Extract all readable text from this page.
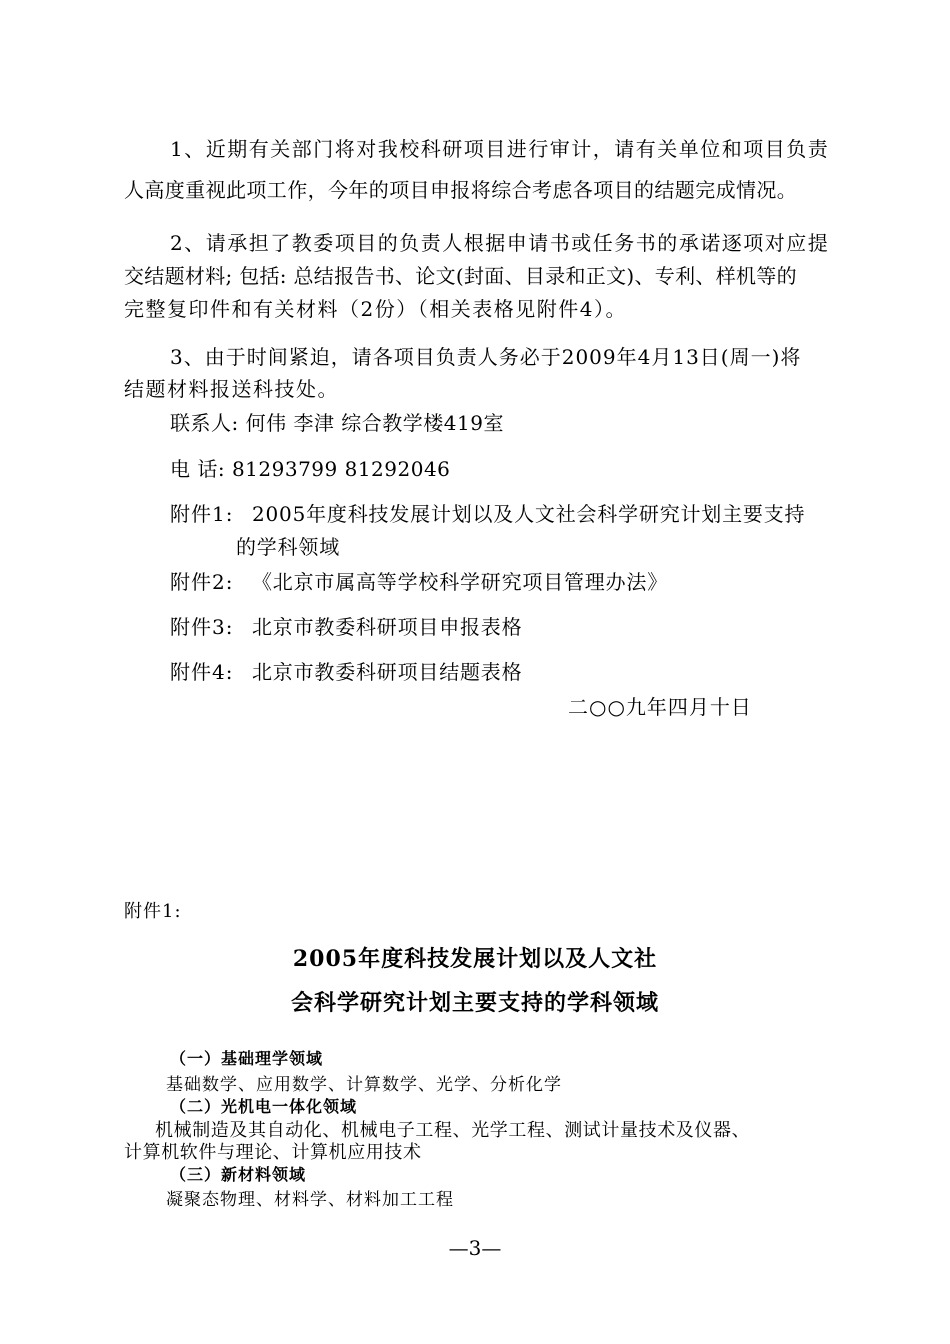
1、近期有关部门将对我校科研项目进行审计，请有关单位和项目负责
人高度重视此项工作，今年的项目申报将综合考虑各项目的结题完成情况。
2、请承担了教委项目的负责人根据申请书或任务书的承诺逐项对应提
交结题材料; 包括: 总结报告书、论文(封面、目录和正文)、专利、样机等的
完整复印件和有关材料（2份）（相关表格见附件4）。
3、由于时间紧迫，请各项目负责人务必于2009年4月13日(周一)将
结题材料报送科技处。
联系人: 何伟 李津 综合教学楼419室
电 话: 81293799 81292046
附件1: 2005年度科技发展计划以及人文社会科学研究计划主要支持
的学科领域
附件2: 《北京市属高等学校科学研究项目管理办法》
附件3: 北京市教委科研项目申报表格
附件4: 北京市教委科研项目结题表格
二○○九年四月十日
附件1:
2005年度科技发展计划以及人文社
会科学研究计划主要支持的学科领域
（一）基础理学领域
基础数学、应用数学、计算数学、光学、分析化学
（二）光机电一体化领域
机械制造及其自动化、机械电子工程、光学工程、测试计量技术及仪器、
计算机软件与理论、计算机应用技术
（三）新材料领域
凝聚态物理、材料学、材料加工工程
—3—
